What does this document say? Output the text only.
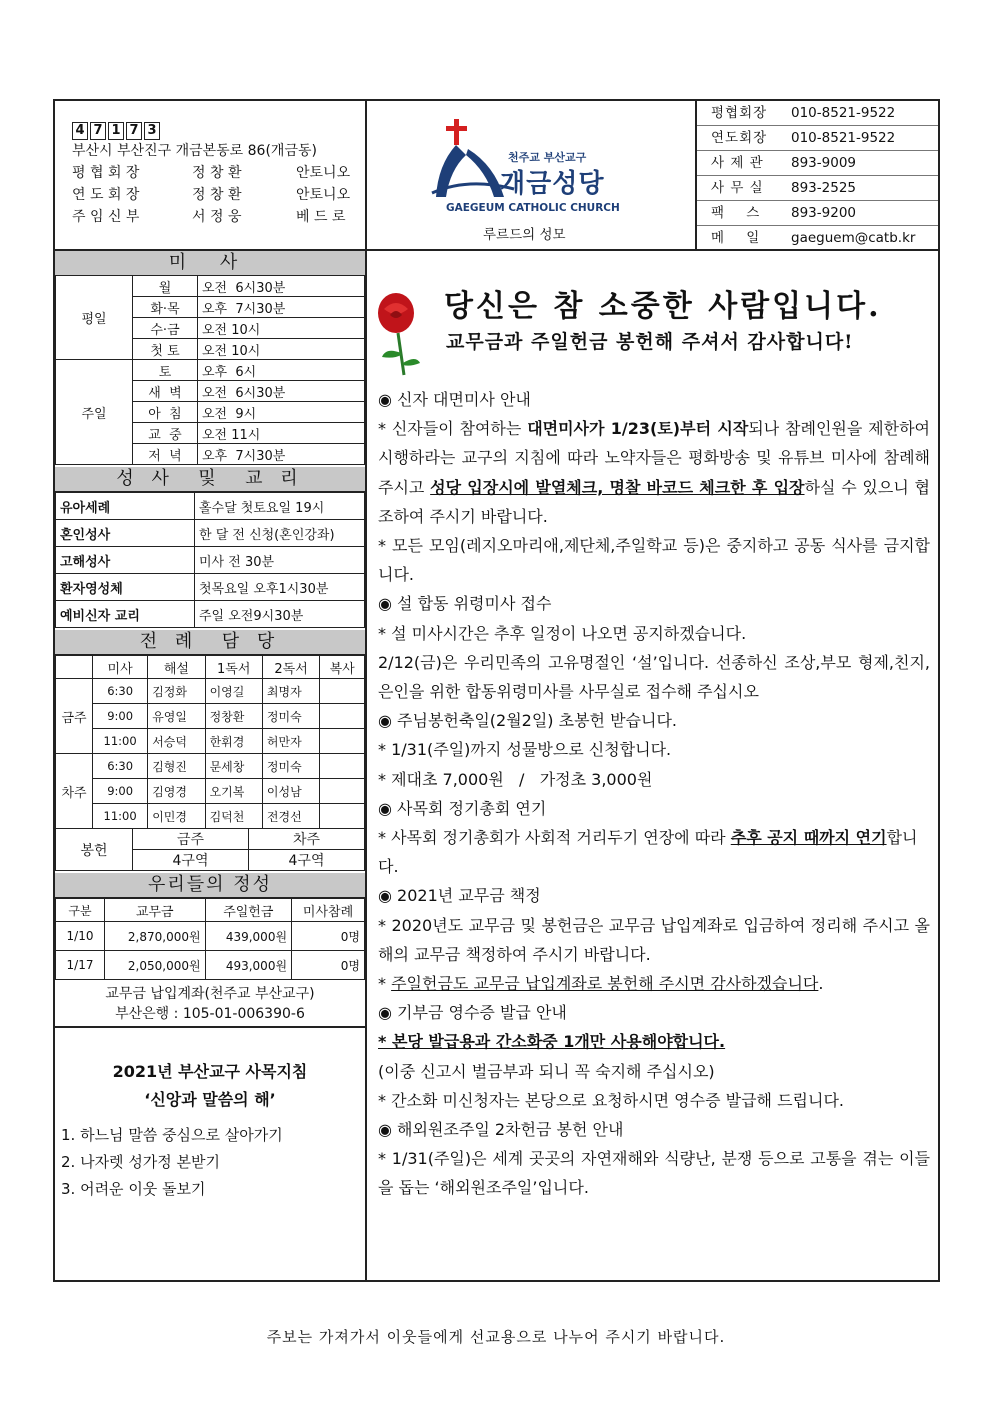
4 7 1 7 3
부산시 부산진구 개금본동로 86(개금동)
평 협 회 장	정 창 환	안토니오
연 도 회 장	정 창 환	안토니오
주 임 신 부	서 정 웅	베 드 로
천주교 부산교구
개금성당
GAEGEUM CATHOLIC CHURCH
루르드의 성모
평협회장	010-8521-9522
연도회장	010-8521-9522
사 제 관	893-9009
사 무 실	893-2525
팩    스	893-9200
메    일	gaeguem@catb.kr
미 사
평일	월	오전  6시30분
	화·목	오후  7시30분
	수·금	오전 10시
	첫 토	오전 10시
주일	토	오후  6시
	새  벽	오전  6시30분
	아  침	오전  9시
	교  중	오전 11시
	저  녁	오후  7시30분
성 사  및  교 리
유아세례	홀수달 첫토요일 19시
혼인성사	한 달 전 신청(혼인강좌)
고해성사	미사 전 30분
환자영성체	첫목요일 오후1시30분
예비신자 교리	주일 오전9시30분
전 례  담 당
	미사	해설	1독서	2독서	복사
금주	6:30	김정화	이영길	최명자	
	9:00	유영일	정창환	정미숙	
	11:00	서승덕	한휘경	허만자	
차주	6:30	김형진	문세창	정미숙	
	9:00	김영경	오기복	이성남	
	11:00	이민경	김덕천	전경선	
봉헌	금주	차주
	4구역	4구역
우리들의 정성
구분	교무금	주일헌금	미사참례
1/10	2,870,000원	439,000원	0명
1/17	2,050,000원	493,000원	0명
교무금 납입계좌(천주교 부산교구)
부산은행 : 105-01-006390-6
2021년 부산교구 사목지침
‘신앙과 말씀의 해’
1. 하느님 말씀 중심으로 살아가기
2. 나자렛 성가정 본받기
3. 어려운 이웃 돌보기
당신은 참 소중한 사람입니다.
교무금과 주일헌금 봉헌해 주셔서 감사합니다!
◉ 신자 대면미사 안내
* 신자들이 참여하는 대면미사가 1/23(토)부터 시작되나 참례인원을 제한하여 시행하라는 교구의 지침에 따라 노약자들은 평화방송 및 유튜브 미사에 참례해 주시고 성당 입장시에 발열체크, 명찰 바코드 체크한 후 입장하실 수 있으니 협조하여 주시기 바랍니다.
* 모든 모임(레지오마리애,제단체,주일학교 등)은 중지하고 공동 식사를 금지합니다.
◉ 설 합동 위령미사 접수
* 설 미사시간은 추후 일정이 나오면 공지하겠습니다.
2/12(금)은 우리민족의 고유명절인 ‘설’입니다. 선종하신 조상,부모 형제,친지,은인을 위한 합동위령미사를 사무실로 접수해 주십시오
◉ 주님봉헌축일(2월2일) 초봉헌 받습니다.
* 1/31(주일)까지 성물방으로 신청합니다.
* 제대초 7,000원   /   가정초 3,000원
◉ 사목회 정기총회 연기
* 사목회 정기총회가 사회적 거리두기 연장에 따라 추후 공지 때까지 연기합니다.
◉ 2021년 교무금 책정
* 2020년도 교무금 및 봉헌금은 교무금 납입계좌로 입금하여 정리해 주시고 올 해의 교무금 책정하여 주시기 바랍니다.
* 주일헌금도 교무금 납입계좌로 봉헌해 주시면 감사하겠습니다.
◉ 기부금 영수증 발급 안내
* 본당 발급용과 간소화중 1개만 사용해야합니다.
(이중 신고시 벌금부과 되니 꼭 숙지해 주십시오)
* 간소화 미신청자는 본당으로 요청하시면 영수증 발급해 드립니다.
◉ 해외원조주일 2차헌금 봉헌 안내
* 1/31(주일)은 세계 곳곳의 자연재해와 식량난, 분쟁 등으로 고통을 겪는 이들을 돕는 ‘해외원조주일’입니다.
주보는 가져가서 이웃들에게 선교용으로 나누어 주시기 바랍니다.
